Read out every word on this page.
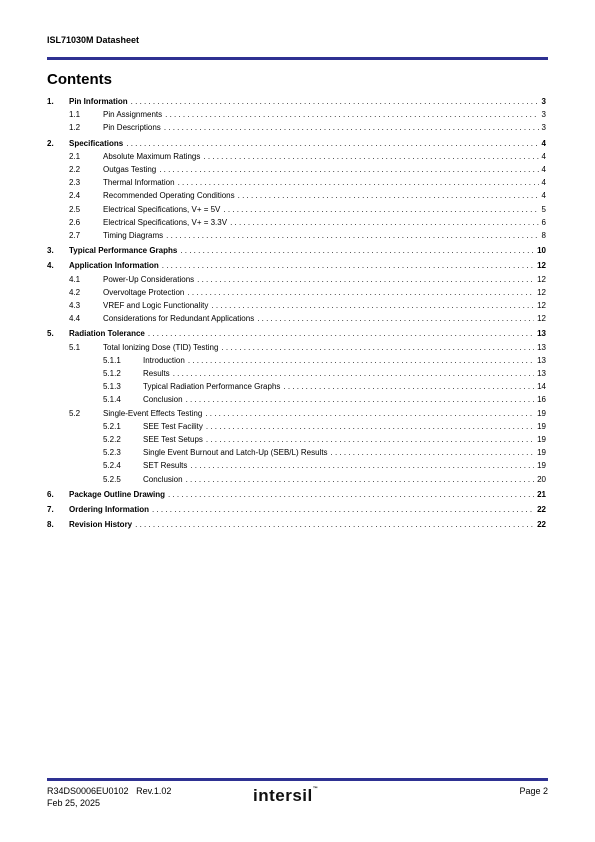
ISL71030M Datasheet
Contents
1.	Pin Information . . .	3
1.1	Pin Assignments . . .	3
1.2	Pin Descriptions . . .	3
2.	Specifications . . .	4
2.1	Absolute Maximum Ratings . . .	4
2.2	Outgas Testing . . .	4
2.3	Thermal Information . . .	4
2.4	Recommended Operating Conditions . . .	4
2.5	Electrical Specifications, V+ = 5V . . .	5
2.6	Electrical Specifications, V+ = 3.3V . . .	6
2.7	Timing Diagrams . . .	8
3.	Typical Performance Graphs . . .	10
4.	Application Information . . .	12
4.1	Power-Up Considerations . . .	12
4.2	Overvoltage Protection . . .	12
4.3	VREF and Logic Functionality . . .	12
4.4	Considerations for Redundant Applications . . .	12
5.	Radiation Tolerance . . .	13
5.1	Total Ionizing Dose (TID) Testing . . .	13
5.1.1	Introduction . . .	13
5.1.2	Results . . .	13
5.1.3	Typical Radiation Performance Graphs . . .	14
5.1.4	Conclusion . . .	16
5.2	Single-Event Effects Testing . . .	19
5.2.1	SEE Test Facility . . .	19
5.2.2	SEE Test Setups . . .	19
5.2.3	Single Event Burnout and Latch-Up (SEB/L) Results . . .	19
5.2.4	SET Results . . .	19
5.2.5	Conclusion . . .	20
6.	Package Outline Drawing . . .	21
7.	Ordering Information . . .	22
8.	Revision History . . .	22
R34DS0006EU0102 Rev.1.02
Feb 25, 2025	intersil™	Page 2
